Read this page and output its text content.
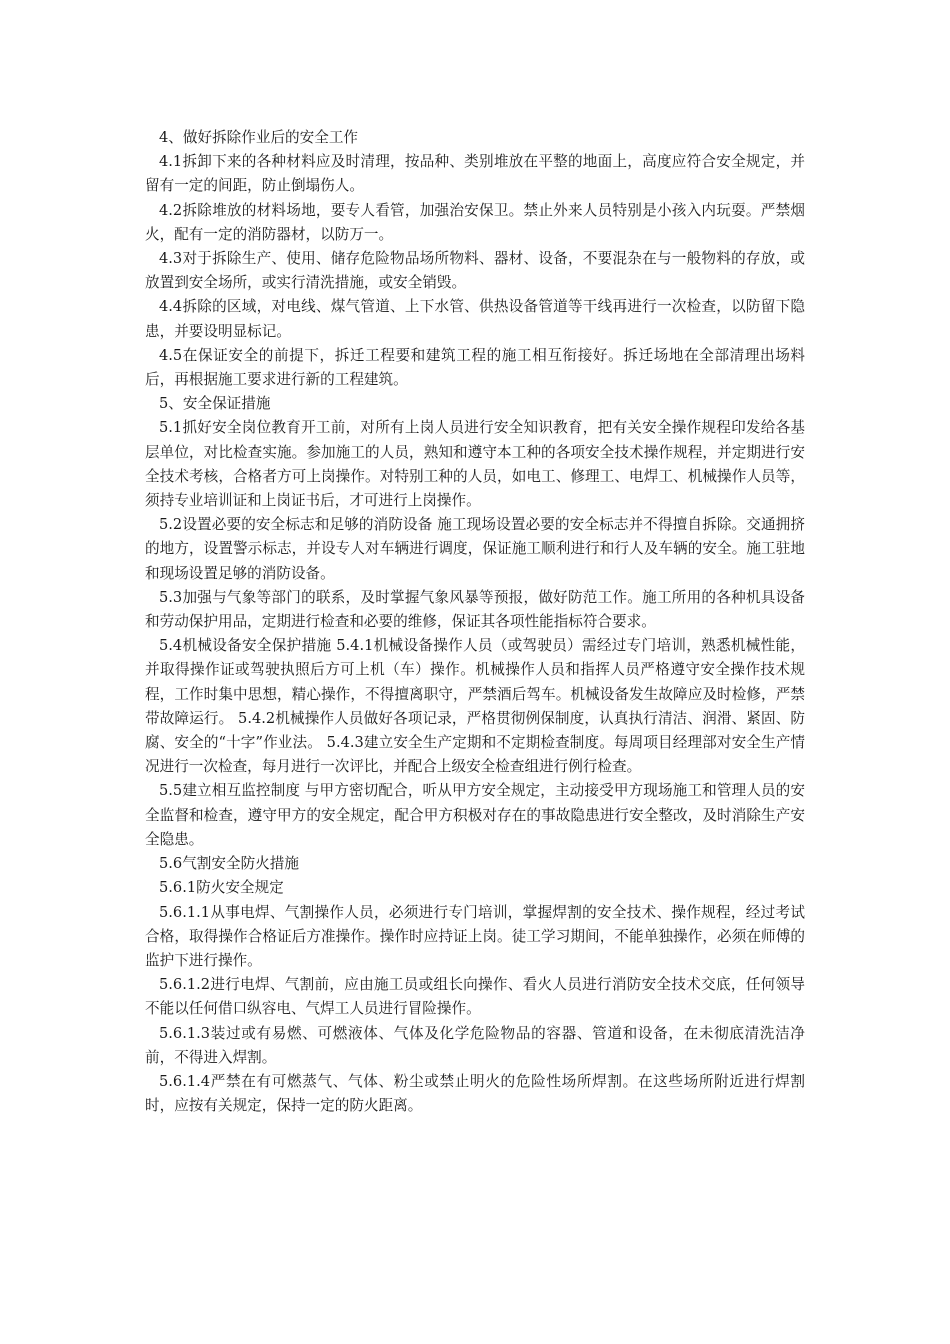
4、做好拆除作业后的安全工作

4.1拆卸下来的各种材料应及时清理，按品种、类别堆放在平整的地面上，高度应符合安全规定，并留有一定的间距，防止倒塌伤人。

4.2拆除堆放的材料场地，要专人看管，加强治安保卫。禁止外来人员特别是小孩入内玩耍。严禁烟火，配有一定的消防器材，以防万一。

4.3对于拆除生产、使用、储存危险物品场所物料、器材、设备，不要混杂在与一般物料的存放，或放置到安全场所，或实行清洗措施，或安全销毁。

4.4拆除的区域，对电线、煤气管道、上下水管、供热设备管道等干线再进行一次检查，以防留下隐患，并要设明显标记。

4.5在保证安全的前提下，拆迁工程要和建筑工程的施工相互衔接好。拆迁场地在全部清理出场料后，再根据施工要求进行新的工程建筑。

5、安全保证措施

5.1抓好安全岗位教育开工前，对所有上岗人员进行安全知识教育，把有关安全操作规程印发给各基层单位，对比检查实施。参加施工的人员，熟知和遵守本工种的各项安全技术操作规程，并定期进行安全技术考核，合格者方可上岗操作。对特别工种的人员，如电工、修理工、电焊工、机械操作人员等，须持专业培训证和上岗证书后，才可进行上岗操作。

5.2设置必要的安全标志和足够的消防设备 施工现场设置必要的安全标志并不得擅自拆除。交通拥挤的地方，设置警示标志，并设专人对车辆进行调度，保证施工顺利进行和行人及车辆的安全。施工驻地和现场设置足够的消防设备。

5.3加强与气象等部门的联系，及时掌握气象风暴等预报，做好防范工作。施工所用的各种机具设备和劳动保护用品，定期进行检查和必要的维修，保证其各项性能指标符合要求。

5.4机械设备安全保护措施 5.4.1机械设备操作人员（或驾驶员）需经过专门培训，熟悉机械性能，并取得操作证或驾驶执照后方可上机（车）操作。机械操作人员和指挥人员严格遵守安全操作技术规程，工作时集中思想，精心操作，不得擅离职守，严禁酒后驾车。机械设备发生故障应及时检修，严禁带故障运行。 5.4.2机械操作人员做好各项记录，严格贯彻例保制度，认真执行清洁、润滑、紧固、防腐、安全的“十字”作业法。 5.4.3建立安全生产定期和不定期检查制度。每周项目经理部对安全生产情况进行一次检查，每月进行一次评比，并配合上级安全检查组进行例行检查。

5.5建立相互监控制度 与甲方密切配合，听从甲方安全规定，主动接受甲方现场施工和管理人员的安全监督和检查，遵守甲方的安全规定，配合甲方积极对存在的事故隐患进行安全整改，及时消除生产安全隐患。

5.6气割安全防火措施

5.6.1防火安全规定

5.6.1.1从事电焊、气割操作人员，必须进行专门培训，掌握焊割的安全技术、操作规程，经过考试合格，取得操作合格证后方准操作。操作时应持证上岗。徒工学习期间，不能单独操作，必须在师傅的监护下进行操作。

5.6.1.2进行电焊、气割前，应由施工员或组长向操作、看火人员进行消防安全技术交底，任何领导不能以任何借口纵容电、气焊工人员进行冒险操作。

5.6.1.3装过或有易燃、可燃液体、气体及化学危险物品的容器、管道和设备，在未彻底清洗洁净前，不得进入焊割。

5.6.1.4严禁在有可燃蒸气、气体、粉尘或禁止明火的危险性场所焊割。在这些场所附近进行焊割时，应按有关规定，保持一定的防火距离。
